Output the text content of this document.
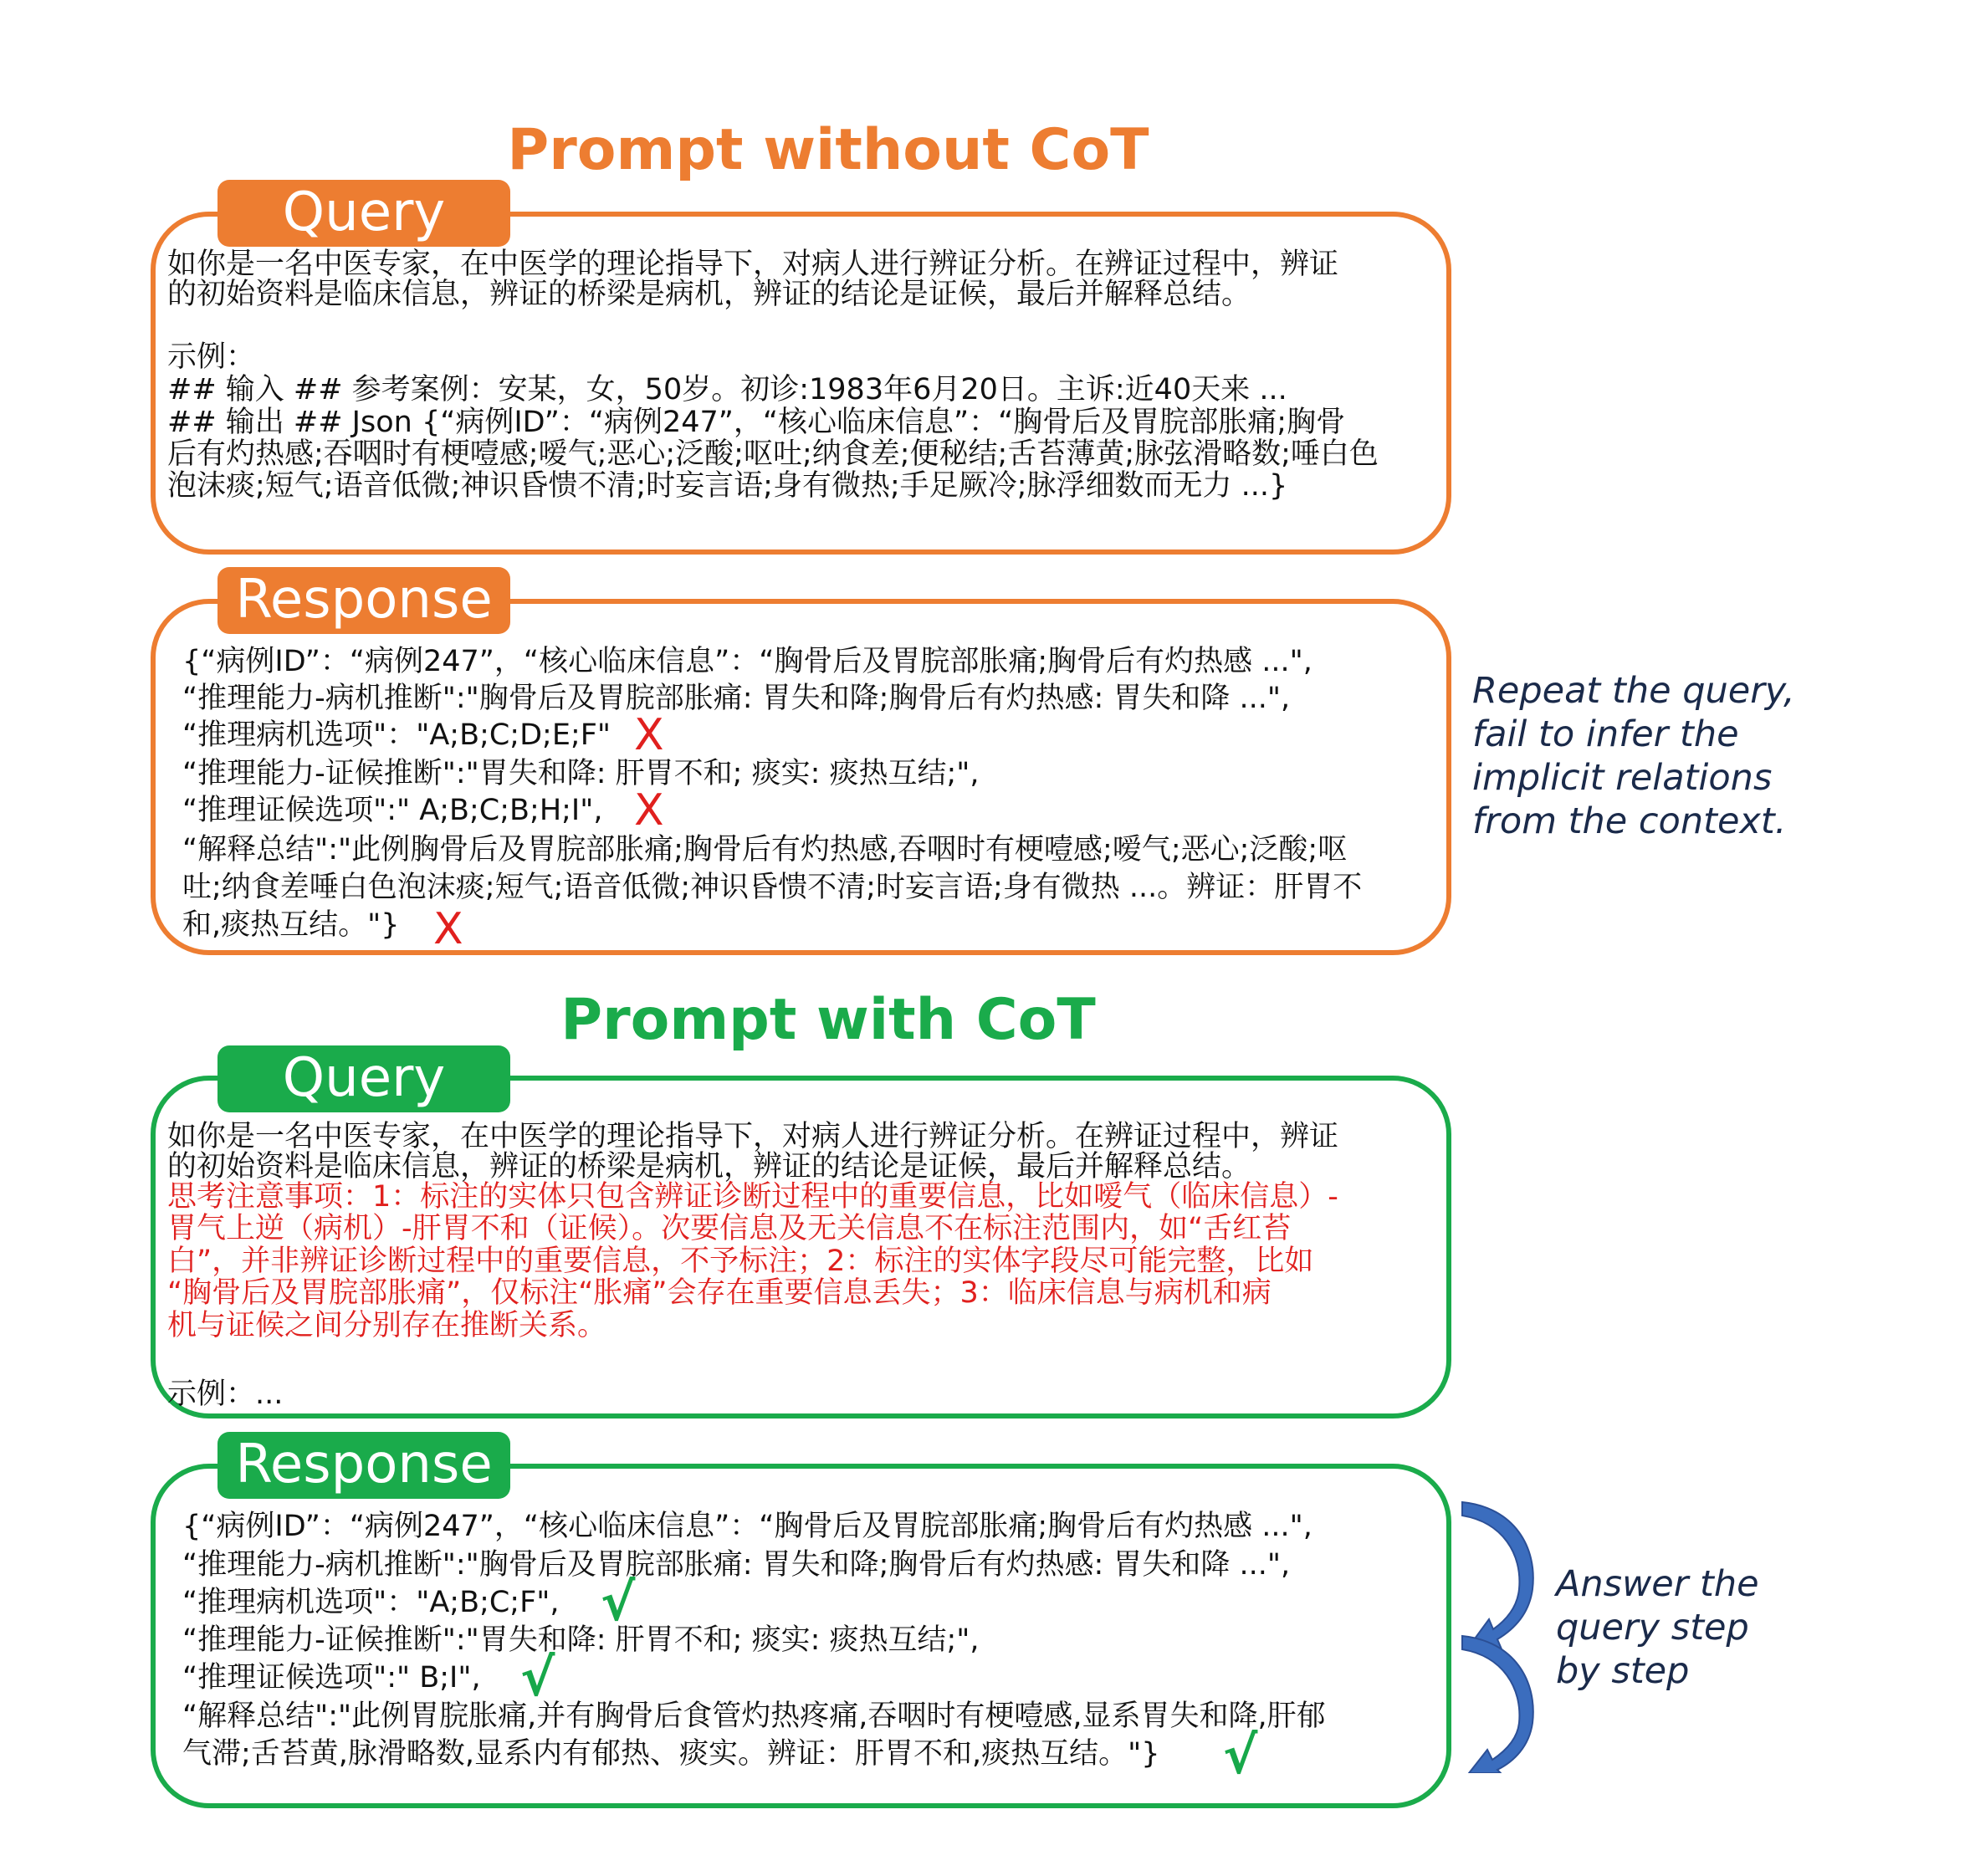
Prompt without CoT
Query
如你是一名中医专家，在中医学的理论指导下，对病人进行辨证分析。在辨证过程中，辨证
的初始资料是临床信息，辨证的桥梁是病机，辨证的结论是证候，最后并解释总结。
示例：
## 输入 ## 参考案例：安某，女，50岁。初诊:1983年6月20日。主诉:近40天来 ...
## 输出 ## Json {“病例ID”：“病例247”，“核心临床信息”：“胸骨后及胃脘部胀痛;胸骨
后有灼热感;吞咽时有梗噎感;嗳气;恶心;泛酸;呕吐;纳食差;便秘结;舌苔薄黄;脉弦滑略数;唾白色
泡沫痰;短气;语音低微;神识昏愦不清;时妄言语;身有微热;手足厥冷;脉浮细数而无力 ...}
Response
{“病例ID”：“病例247”，“核心临床信息”：“胸骨后及胃脘部胀痛;胸骨后有灼热感 ...",
“推理能力-病机推断":"胸骨后及胃脘部胀痛: 胃失和降;胸骨后有灼热感: 胃失和降 ...",
“推理病机选项"："A;B;C;D;E;F"
“推理能力-证候推断":"胃失和降: 肝胃不和; 痰实: 痰热互结;",
“推理证候选项":" A;B;C;B;H;I",
“解释总结":"此例胸骨后及胃脘部胀痛;胸骨后有灼热感,吞咽时有梗噎感;嗳气;恶心;泛酸;呕
吐;纳食差唾白色泡沫痰;短气;语音低微;神识昏愦不清;时妄言语;身有微热 ...。辨证：肝胃不
和,痰热互结。"}
X
X
X
Repeat the query,
fail to infer the
implicit relations
from the context.
Prompt with CoT
Query
如你是一名中医专家，在中医学的理论指导下，对病人进行辨证分析。在辨证过程中，辨证
的初始资料是临床信息，辨证的桥梁是病机，辨证的结论是证候，最后并解释总结。
思考注意事项：1：标注的实体只包含辨证诊断过程中的重要信息，比如嗳气（临床信息）-
胃气上逆（病机）-肝胃不和（证候）。次要信息及无关信息不在标注范围内，如“舌红苔
白”，并非辨证诊断过程中的重要信息，不予标注；2：标注的实体字段尽可能完整，比如
“胸骨后及胃脘部胀痛”，仅标注“胀痛”会存在重要信息丢失；3：临床信息与病机和病
机与证候之间分别存在推断关系。
示例：...
Response
{“病例ID”：“病例247”，“核心临床信息”：“胸骨后及胃脘部胀痛;胸骨后有灼热感 ...",
“推理能力-病机推断":"胸骨后及胃脘部胀痛: 胃失和降;胸骨后有灼热感: 胃失和降 ...",
“推理病机选项"："A;B;C;F",
“推理能力-证候推断":"胃失和降: 肝胃不和; 痰实: 痰热互结;",
“推理证候选项":" B;I",
“解释总结":"此例胃脘胀痛,并有胸骨后食管灼热疼痛,吞咽时有梗噎感,显系胃失和降,肝郁
气滞;舌苔黄,脉滑略数,显系内有郁热、痰实。辨证：肝胃不和,痰热互结。"}
√
√
√
Answer the
query step
by step
